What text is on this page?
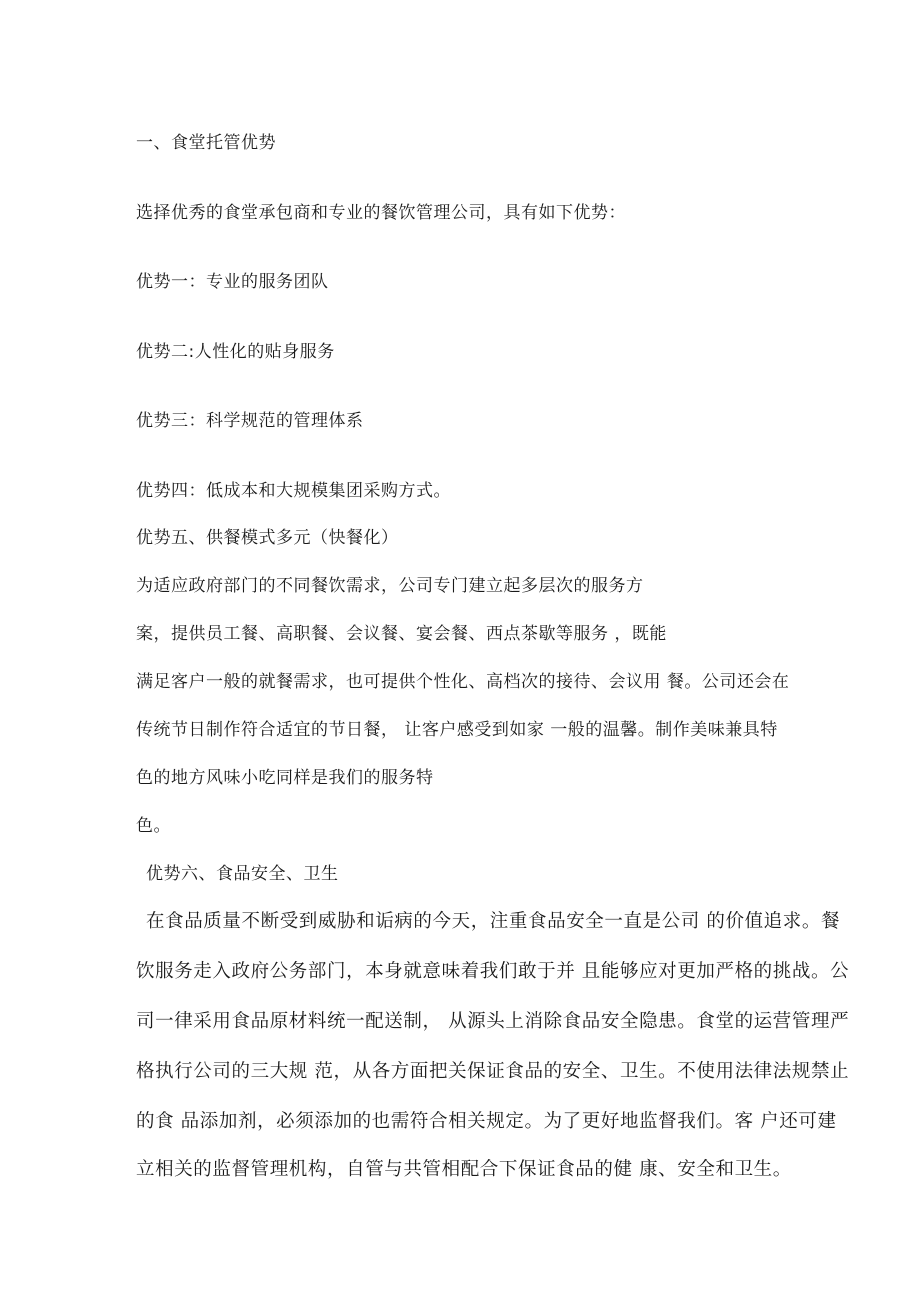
一、食堂托管优势
选择优秀的食堂承包商和专业的餐饮管理公司，具有如下优势：
优势一：专业的服务团队
优势二:人性化的贴身服务
优势三：科学规范的管理体系
优势四：低成本和大规模集团采购方式。
优势五、供餐模式多元（快餐化）
为适应政府部门的不同餐饮需求，公司专门建立起多层次的服务方
案，提供员工餐、高职餐、会议餐、宴会餐、西点茶歇等服务 ，既能
满足客户一般的就餐需求，也可提供个性化、高档次的接待、会议用 餐。公司还会在
传统节日制作符合适宜的节日餐， 让客户感受到如家 一般的温馨。制作美味兼具特
色的地方风味小吃同样是我们的服务特
色。
优势六、食品安全、卫生
在食品质量不断受到威胁和诟病的今天，注重食品安全一直是公司 的价值追求。餐
饮服务走入政府公务部门，本身就意味着我们敢于并 且能够应对更加严格的挑战。公
司一律采用食品原材料统一配送制， 从源头上消除食品安全隐患。食堂的运营管理严
格执行公司的三大规 范，从各方面把关保证食品的安全、卫生。不使用法律法规禁止
的食 品添加剂，必须添加的也需符合相关规定。为了更好地监督我们。客 户还可建
立相关的监督管理机构，自管与共管相配合下保证食品的健 康、安全和卫生。
